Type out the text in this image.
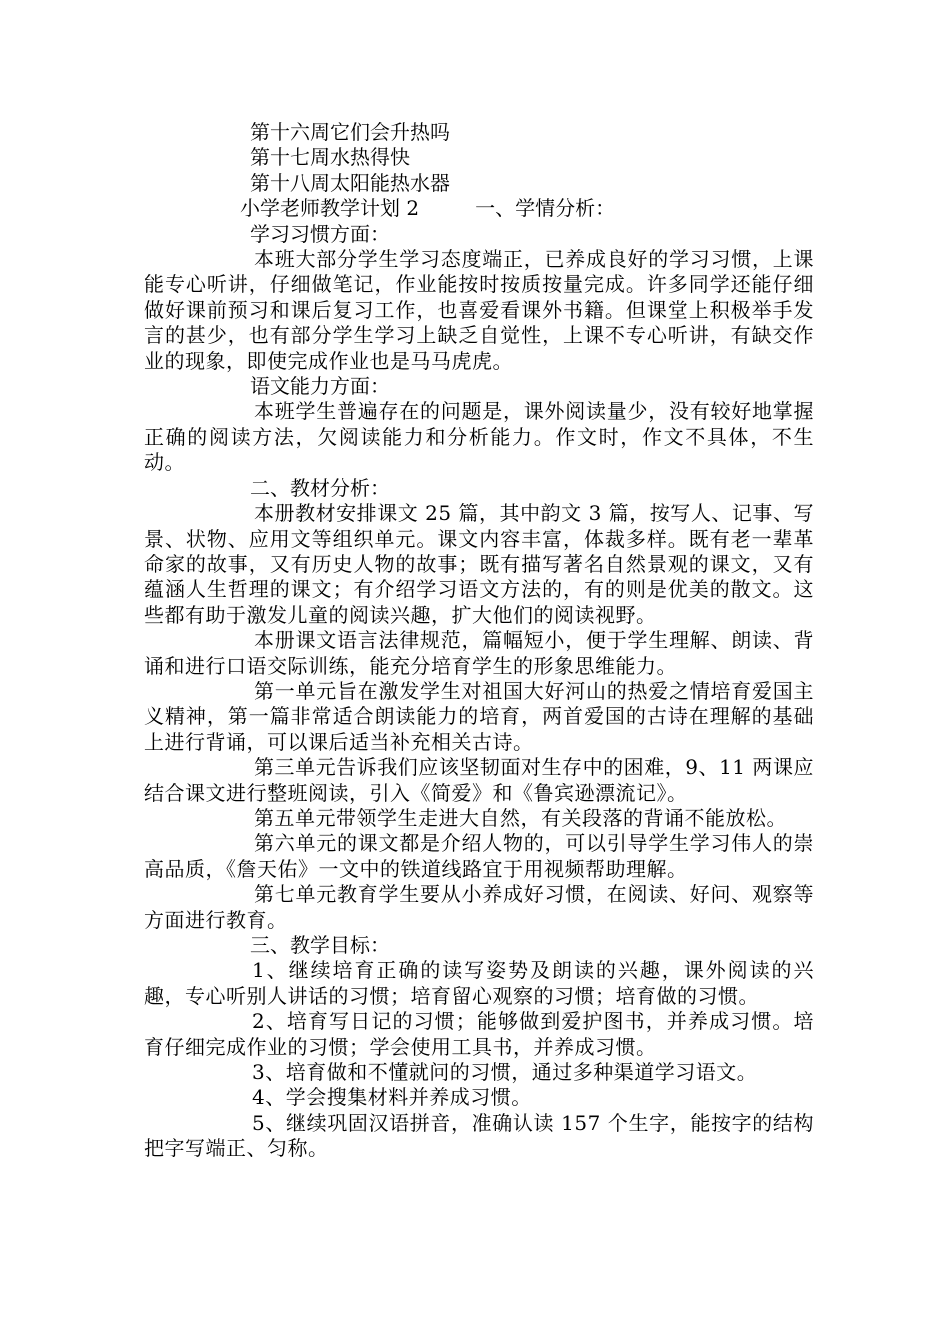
第十六周它们会升热吗

第十七周水热得快

第十八周太阳能热水器

小学老师教学计划 2	一、学情分析：

学习习惯方面：

本班大部分学生学习态度端正，已养成良好的学习习惯，上课能专心听讲，仔细做笔记，作业能按时按质按量完成。许多同学还能仔细做好课前预习和课后复习工作，也喜爱看课外书籍。但课堂上积极举手发言的甚少，也有部分学生学习上缺乏自觉性，上课不专心听讲，有缺交作业的现象，即使完成作业也是马马虎虎。

语文能力方面：

本班学生普遍存在的问题是，课外阅读量少，没有较好地掌握正确的阅读方法，欠阅读能力和分析能力。作文时，作文不具体，不生动。

二、教材分析：

本册教材安排课文 25 篇，其中韵文 3 篇，按写人、记事、写景、状物、应用文等组织单元。课文内容丰富，体裁多样。既有老一辈革命家的故事，又有历史人物的故事；既有描写著名自然景观的课文，又有蕴涵人生哲理的课文；有介绍学习语文方法的，有的则是优美的散文。这些都有助于激发儿童的阅读兴趣，扩大他们的阅读视野。

本册课文语言法律规范，篇幅短小，便于学生理解、朗读、背诵和进行口语交际训练，能充分培育学生的形象思维能力。

第一单元旨在激发学生对祖国大好河山的热爱之情培育爱国主义精神，第一篇非常适合朗读能力的培育，两首爱国的古诗在理解的基础上进行背诵，可以课后适当补充相关古诗。

第三单元告诉我们应该坚韧面对生存中的困难，9、11 两课应结合课文进行整班阅读，引入《简爱》和《鲁宾逊漂流记》。

第五单元带领学生走进大自然，有关段落的背诵不能放松。

第六单元的课文都是介绍人物的，可以引导学生学习伟人的崇高品质，《詹天佑》一文中的铁道线路宜于用视频帮助理解。

第七单元教育学生要从小养成好习惯，在阅读、好问、观察等方面进行教育。

三、教学目标：

1、继续培育正确的读写姿势及朗读的兴趣，课外阅读的兴趣，专心听别人讲话的习惯；培育留心观察的习惯；培育做的习惯。

2、培育写日记的习惯；能够做到爱护图书，并养成习惯。培育仔细完成作业的习惯；学会使用工具书，并养成习惯。

3、培育做和不懂就问的习惯，通过多种渠道学习语文。

4、学会搜集材料并养成习惯。

5、继续巩固汉语拼音，准确认读 157 个生字，能按字的结构把字写端正、匀称。
